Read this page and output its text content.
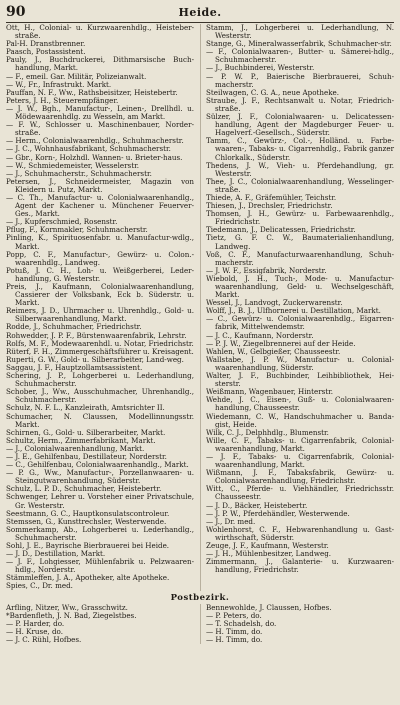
90	Heide.

Ott, H., Colonial- u. Kurzwaarenhdlg., Heisteber-straße.

Pal-H. Dranstbrenner.

Paasch, Postassistent.

Pauly, J., Buchdruckerei, Dithmarsische Buch-handlung, Markt.

— F., emeil. Gar. Militär, Polizeianwalt.

— W., Fr., Infrastrukt. Markt.

Pauffan, N. F., Ww., Rathsbeisitzer, Heistebertr.

Peters, J. H., Steuerempfänger.

— J. W., Bgh., Manufactur-, Leinen-, Drellhdl. u. Mödewaarenhdlg. zu Wesseln, am Markt.

— F. W., Schlosser u. Maschinenbauer, Norder-straße.

— Herm., Colonialwaarenhdlg., Schuhmacherstr.

— J. C., Wohnhausfabrikant, Schuhmacherstr.

— Gbr., Korn-, Holzhdl. Wannen- u. Brieter-haus.

— W., Schmiedemeister, Wesselerstr.

— J., Schuhmacherstr., Schuhmacherstr.

Petersen, J., Schneidermeister, Magazin von Kleidern u. Putz, Markt.

— C. Th., Manufactur- u. Colonialwaarenhandlg., Agent der Kachener u. Münchener Feuerver-Ges., Markt.

— J., Kupferschmied, Rosenstr.

Pflug, F., Kornmakler, Schuhmacherstr.

Pinling, K., Spirituosenfabr. u. Manufactur-wdlg., Markt.

Popp, C. F., Manufactur-, Gewürz- u. Colon.-waarenhdlg., Landweg.

Potuß, J. C. H., Loh- u. Weißgerberei, Leder-handlung, G. Westerstr.

Preis, J., Kaufmann, Colonialwaarenhandlung, Cassierer der Volksbank, Eck b. Süderstr. u. Markt.

Reimers, J. D., Uhrmacher u. Uhrenhdlg., Gold- u. Silberwaarenhandlung, Markt.

Rodde, J., Schuhmacher, Friedrichstr.

Rohwedder, J. P. F., Bürstenwaarenfabrik, Lehrstr.

Rolfs, M. F., Modewaarenhdl. u. Notar, Friedrichstr.

Rüterf, F. H., Zimmergeschäftsführer u. Kreisagent.

Ruperti, G. W., Gold- u. Silberarbeiter, Land-weg.

Saggau, J. F., Hauptzollamtsassistent.

Schering, J. P., Lohgerberei u. Lederhandlung, Schuhmacherstr.

Schober, J., Ww., Ausschuhmacher, Uhrenhandlg., Schuhmacherstr.

Schulz, N. F. L., Kanzleirath, Amtsrichter II.

Schumacher, N. Claussen, Modellinnungsstr. Markt.

Schirnen, G., Gold- u. Silberarbeiter, Markt.

Schultz, Herm., Zimmerfabrikant, Markt.

— J., Colonialwaarenhandlung, Markt.

— J. E., Gehilfenbau, Destillateur, Norderstr.

— C., Gehilfenbau, Colonialwaarenhandlg., Markt.

— P. G., Ww., Manufactur-, Porzellanwaaren- u. Steingutwarenhandlung, Süderstr.

Schulz, L. P. D., Schuhmacher, Heistebertr.

Schwenger, Lehrer u. Vorsteher einer Privatschule, Gr. Westerstr.

Seestmann, G. C., Hauptkonsulatscontroleur.

Stemssen, G., Kunsttrechsler, Westerwende.

Sommerkamp, Ab., Lohgerberei u. Lederhandlg., Schuhmacherstr.

Sohl, J. E., Bayrische Bierbrauerei bei Heide.

— J. D., Destillation, Markt.

— J. F., Lohgiesser, Mühlenfabrik u. Pelzwaaren-hdlg., Norderstr.

Stämmleffen, J. A., Apotheker, alte Apotheke.

Spies, C., Dr. med.

Stamm, J., Lohgerberei u. Lederhandlung, N. Westerstr.

Stange, G., Mineralwasserfabrik, Schuhmacher-str.

— F., Colonialwaaren-, Butter- u. Sämerei-hdlg., Schuhmacherstr.

— J., Buchbinderei, Westerstr.

— P. W. P., Baierische Bierbrauerei, Schuh-macherstr.

Steilwagen, C. G. A., neue Apotheke.

Straube, J. F., Rechtsanwalt u. Notar, Friedrich-straße.

Sülzer, J. F., Colonialwaaren- u. Delicatessen-handlung, Agent der Magdeburger Feuer- u. Hagelverf.-Gesellsch., Süderstr.

Tamm, C., Gewürz-, Col.-, Holländ. u. Farbe-waaren-, Tabaks- u. Cigarrenhdlg., Fabrik ganzer Chlorkalk., Süderstr.

Thedens, J. W., Vieh- u. Pferdehandlung, gr. Westerstr.

Thee, J. C., Colonialwaarenhandlung, Wesselinger-straße.

Thiede, A. F., Gräfemühler, Teichstr.

Thiesen, J., Drechsler, Friedrichstr.

Thomsen, J. H., Gewürz- u. Farbewaarenhdlg., Friedrichstr.

Tiedemann, J., Delicatessen, Friedrichstr.

Tietz, G. F. C. W., Baumaterialienhandlung, Landweg.

Voß, C. F., Manufacturwaarenhandlung, Schuh-macherstr.

— J. W. F., Essigfabrik, Norderstr.

Wiebold, J. H., Tuch-, Mode- u. Manufactur-waarenhandlung, Geld- u. Wechselgeschäft, Markt.

Wessel, J., Landvogt, Zuckerwarenstr.

Wolff, J., B. J., Ulfhornerei u. Destillation, Markt.

— C., Gewürz- u. Colonialwaarenhdlg., Eigarren-fabrik, Mittelwendemstr.

— J. C., Kaufmann, Norderstr.

— P. J. W., Ziegelbrennerei auf der Heide.

Wahlen, W., Gelbgießer, Chausseestr.

Wallstabe, J. P. W., Manufactur- u. Colonial-waarenhandlung, Süderstr.

Walter, J. F., Buchbinder, Leihbibliothek, Hei-sterstr.

Weißmann, Wagenbauer, Hinterstr.

Wehde, J. C., Eisen-, Guß- u. Colonialwaaren-handlung, Chausseestr.

Wiedemann, C. W., Handschuhmacher u. Banda-gist, Heide.

Wilk, C. J., Delphhdlg., Blumenstr.

Wille, C. F., Tabaks- u. Cigarrenfabrik, Colonial-waarenhandlung, Markt.

— J. F., Tabaks- u. Cigarrenfabrik, Colonial-waarenhandlung, Markt.

Wißmann, J. F., Tabaksfabrik, Gewürz- u. Colonialwaarenhandlung, Friedrichstr.

Witt, C., Pferde- u. Viehhändler, Friedrichsstr. Chausseestr.

— J. D., Bäcker, Heistebertr.

— J. P. W., Pferdehändler, Westerwende.

— J., Dr. med.

Wohlenhorst, C. F., Hebwarenhandlung u. Gast-wirthschaft, Süderstr.

Zeuge, J. F., Kaufmann, Westerstr.

— J. H., Mühlenbesitzer, Landweg.

Zimmermann, J., Galanterie- u. Kurzwaaren-handlung, Friedrichstr.

Postbezirk.

Arfling, Nitzer, Ww., Grasschwitz.

*Bardenfleth, J. N. Bad, Ziegelstbes.

— P. Harder, do.

— H. Kruse, do.

— J. C. Rühl, Hofbes.

Bennewohlde, J. Claussen, Hofbes.

— P. Peters, do.

— T. Schadelsh, do.

— H. Timm, do.

— H. Timm, do.
